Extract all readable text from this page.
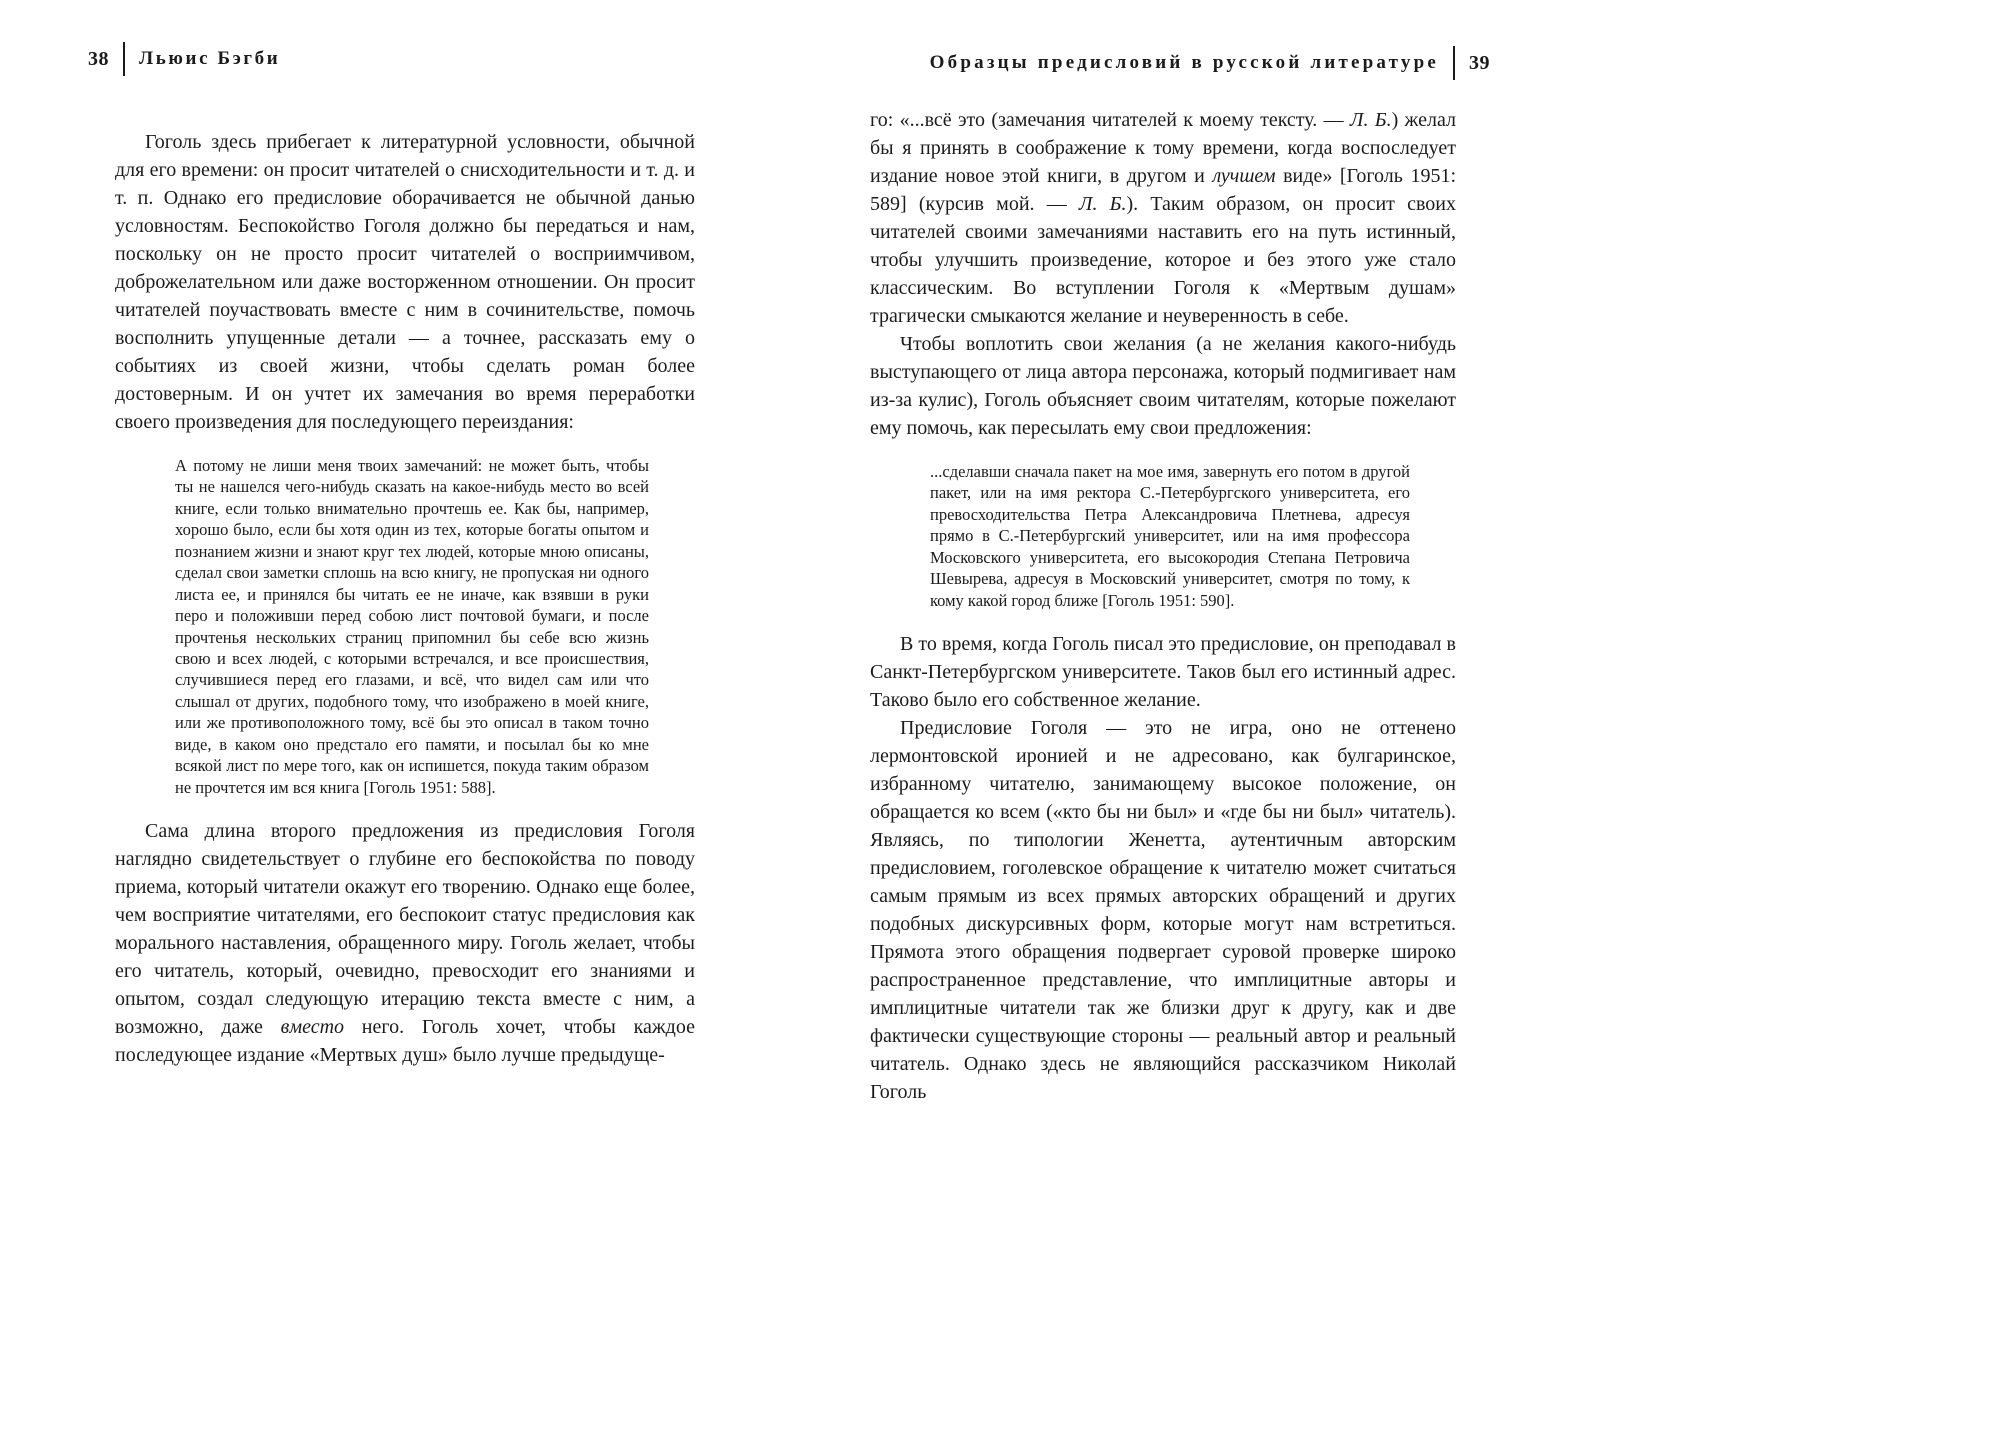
38 Льюис Бэгби

Гоголь здесь прибегает к литературной условности, обычной для его времени: он просит читателей о снисходительности и т. д. и т. п. Однако его предисловие оборачивается не обычной данью условностям. Беспокойство Гоголя должно бы передаться и нам, поскольку он не просто просит читателей о восприимчивом, доброжелательном или даже восторженном отношении. Он просит читателей поучаствовать вместе с ним в сочинительстве, помочь восполнить упущенные детали — а точнее, рассказать ему о событиях из своей жизни, чтобы сделать роман более достоверным. И он учтет их замечания во время переработки своего произведения для последующего переиздания:

А потому не лиши меня твоих замечаний: не может быть, чтобы ты не нашелся чего-нибудь сказать на какое-нибудь место во всей книге, если только внимательно прочтешь ее. Как бы, например, хорошо было, если бы хотя один из тех, которые богаты опытом и познанием жизни и знают круг тех людей, которые мною описаны, сделал свои заметки сплошь на всю книгу, не пропуская ни одного листа ее, и принялся бы читать ее не иначе, как взявши в руки перо и положивши перед собою лист почтовой бумаги, и после прочтенья нескольких страниц припомнил бы себе всю жизнь свою и всех людей, с которыми встречался, и все происшествия, случившиеся перед его глазами, и всё, что видел сам или что слышал от других, подобного тому, что изображено в моей книге, или же противоположного тому, всё бы это описал в таком точно виде, в каком оно предстало его памяти, и посылал бы ко мне всякой лист по мере того, как он испишется, покуда таким образом не прочтется им вся книга [Гоголь 1951: 588].

Сама длина второго предложения из предисловия Гоголя наглядно свидетельствует о глубине его беспокойства по поводу приема, который читатели окажут его творению. Однако еще более, чем восприятие читателями, его беспокоит статус предисловия как морального наставления, обращенного миру. Гоголь желает, чтобы его читатель, который, очевидно, превосходит его знаниями и опытом, создал следующую итерацию текста вместе с ним, а возможно, даже вместо него. Гоголь хочет, чтобы каждое последующее издание «Мертвых душ» было лучше предыдуще-

Образцы предисловий в русской литературе 39

го: «...всё это (замечания читателей к моему тексту. — Л. Б.) желал бы я принять в соображение к тому времени, когда воспоследует издание новое этой книги, в другом и лучшем виде» [Гоголь 1951: 589] (курсив мой. — Л. Б.). Таким образом, он просит своих читателей своими замечаниями наставить его на путь истинный, чтобы улучшить произведение, которое и без этого уже стало классическим. Во вступлении Гоголя к «Мертвым душам» трагически смыкаются желание и неуверенность в себе.

Чтобы воплотить свои желания (а не желания какого-нибудь выступающего от лица автора персонажа, который подмигивает нам из-за кулис), Гоголь объясняет своим читателям, которые пожелают ему помочь, как пересылать ему свои предложения:

...сделавши сначала пакет на мое имя, завернуть его потом в другой пакет, или на имя ректора С.-Петербургского университета, его превосходительства Петра Александровича Плетнева, адресуя прямо в С.-Петербургский университет, или на имя профессора Московского университета, его высокородия Степана Петровича Шевырева, адресуя в Московский университет, смотря по тому, к кому какой город ближе [Гоголь 1951: 590].

В то время, когда Гоголь писал это предисловие, он преподавал в Санкт-Петербургском университете. Таков был его истинный адрес. Таково было его собственное желание.

Предисловие Гоголя — это не игра, оно не оттенено лермонтовской иронией и не адресовано, как булгаринское, избранному читателю, занимающему высокое положение, он обращается ко всем («кто бы ни был» и «где бы ни был» читатель). Являясь, по типологии Женетта, аутентичным авторским предисловием, гоголевское обращение к читателю может считаться самым прямым из всех прямых авторских обращений и других подобных дискурсивных форм, которые могут нам встретиться. Прямота этого обращения подвергает суровой проверке широко распространенное представление, что имплицитные авторы и имплицитные читатели так же близки друг к другу, как и две фактически существующие стороны — реальный автор и реальный читатель. Однако здесь не являющийся рассказчиком Николай Гоголь
